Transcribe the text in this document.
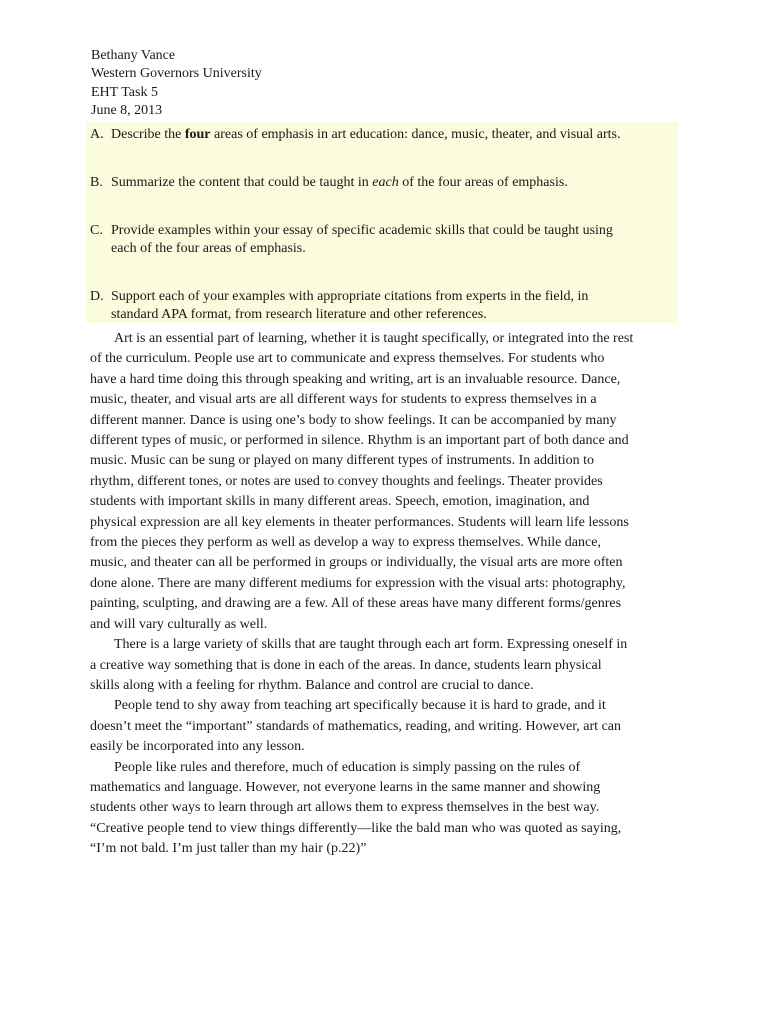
Bethany Vance
Western Governors University
EHT Task 5
June 8, 2013
A. Describe the four areas of emphasis in art education: dance, music, theater, and visual arts.
B. Summarize the content that could be taught in each of the four areas of emphasis.
C. Provide examples within your essay of specific academic skills that could be taught using
each of the four areas of emphasis.
D. Support each of your examples with appropriate citations from experts in the field, in
standard APA format, from research literature and other references.
Art is an essential part of learning, whether it is taught specifically, or integrated into the rest
of the curriculum. People use art to communicate and express themselves. For students who
have a hard time doing this through speaking and writing, art is an invaluable resource. Dance,
music, theater, and visual arts are all different ways for students to express themselves in a
different manner. Dance is using one’s body to show feelings. It can be accompanied by many
different types of music, or performed in silence. Rhythm is an important part of both dance and
music. Music can be sung or played on many different types of instruments. In addition to
rhythm, different tones, or notes are used to convey thoughts and feelings. Theater provides
students with important skills in many different areas. Speech, emotion, imagination, and
physical expression are all key elements in theater performances. Students will learn life lessons
from the pieces they perform as well as develop a way to express themselves. While dance,
music, and theater can all be performed in groups or individually, the visual arts are more often
done alone. There are many different mediums for expression with the visual arts: photography,
painting, sculpting, and drawing are a few. All of these areas have many different forms/genres
and will vary culturally as well.
There is a large variety of skills that are taught through each art form. Expressing oneself in
a creative way something that is done in each of the areas. In dance, students learn physical
skills along with a feeling for rhythm. Balance and control are crucial to dance.
People tend to shy away from teaching art specifically because it is hard to grade, and it
doesn’t meet the “important” standards of mathematics, reading, and writing. However, art can
easily be incorporated into any lesson.
People like rules and therefore, much of education is simply passing on the rules of
mathematics and language. However, not everyone learns in the same manner and showing
students other ways to learn through art allows them to express themselves in the best way.
“Creative people tend to view things differently—like the bald man who was quoted as saying,
“I’m not bald. I’m just taller than my hair (p.22)”
